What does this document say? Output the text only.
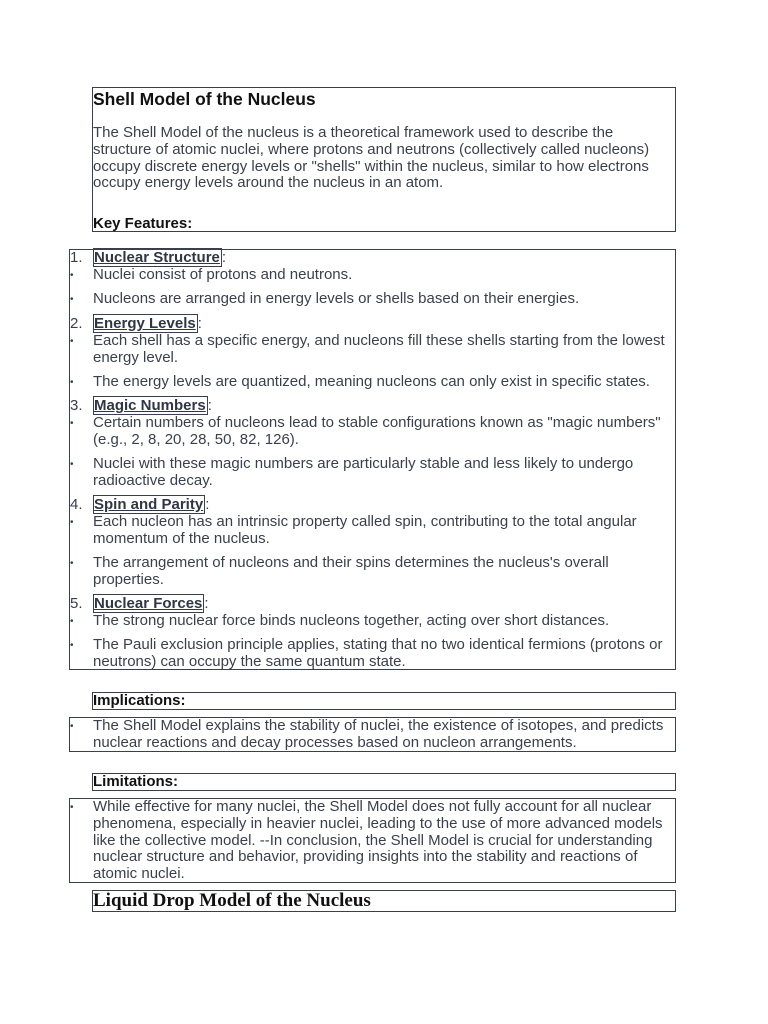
Shell Model of the Nucleus

The Shell Model of the nucleus is a theoretical framework used to describe the structure of atomic nuclei, where protons and neutrons (collectively called nucleons) occupy discrete energy levels or "shells" within the nucleus, similar to how electrons occupy energy levels around the nucleus in an atom.

Key Features:
1. Nuclear Structure :
• Nuclei consist of protons and neutrons.
• Nucleons are arranged in energy levels or shells based on their energies.
2. Energy Levels :
• Each shell has a specific energy, and nucleons fill these shells starting from the lowest energy level.
• The energy levels are quantized, meaning nucleons can only exist in specific states.
3. Magic Numbers :
• Certain numbers of nucleons lead to stable configurations known as "magic numbers" (e.g., 2, 8, 20, 28, 50, 82, 126).
• Nuclei with these magic numbers are particularly stable and less likely to undergo radioactive decay.
4. Spin and Parity :
• Each nucleon has an intrinsic property called spin, contributing to the total angular momentum of the nucleus.
• The arrangement of nucleons and their spins determines the nucleus's overall properties.
5. Nuclear Forces :
• The strong nuclear force binds nucleons together, acting over short distances.
• The Pauli exclusion principle applies, stating that no two identical fermions (protons or neutrons) can occupy the same quantum state.
Implications:
• The Shell Model explains the stability of nuclei, the existence of isotopes, and predicts nuclear reactions and decay processes based on nucleon arrangements.
Limitations:
• While effective for many nuclei, the Shell Model does not fully account for all nuclear phenomena, especially in heavier nuclei, leading to the use of more advanced models like the collective model. --In conclusion, the Shell Model is crucial for understanding nuclear structure and behavior, providing insights into the stability and reactions of atomic nuclei.
Liquid Drop Model of the Nucleus
